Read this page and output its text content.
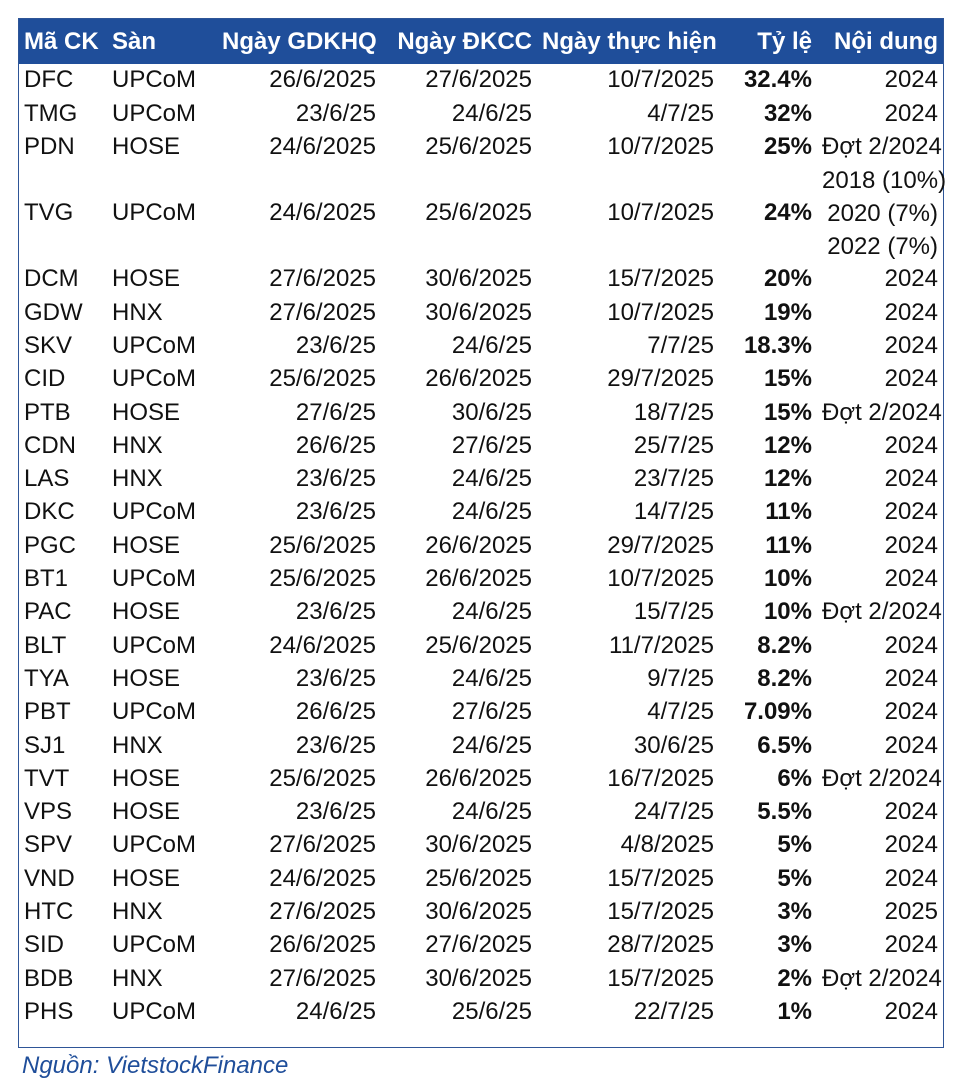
Mã CK	Sàn	Ngày GDKHQ	Ngày ĐKCC	Ngày thực hiện	Tỷ lệ	Nội dung
DFC	UPCoM	26/6/2025	27/6/2025	10/7/2025	32.4%	2024
TMG	UPCoM	23/6/25	24/6/25	4/7/25	32%	2024
PDN	HOSE	24/6/2025	25/6/2025	10/7/2025	25%	Đợt 2/2024
TVG	UPCoM	24/6/2025	25/6/2025	10/7/2025	24%	2018 (10%)
2020 (7%)
2022 (7%)

DCM	HOSE	27/6/2025	30/6/2025	15/7/2025	20%	2024
GDW	HNX	27/6/2025	30/6/2025	10/7/2025	19%	2024
SKV	UPCoM	23/6/25	24/6/25	7/7/25	18.3%	2024
CID	UPCoM	25/6/2025	26/6/2025	29/7/2025	15%	2024
PTB	HOSE	27/6/25	30/6/25	18/7/25	15%	Đợt 2/2024
CDN	HNX	26/6/25	27/6/25	25/7/25	12%	2024
LAS	HNX	23/6/25	24/6/25	23/7/25	12%	2024
DKC	UPCoM	23/6/25	24/6/25	14/7/25	11%	2024
PGC	HOSE	25/6/2025	26/6/2025	29/7/2025	11%	2024
BT1	UPCoM	25/6/2025	26/6/2025	10/7/2025	10%	2024
PAC	HOSE	23/6/25	24/6/25	15/7/25	10%	Đợt 2/2024
BLT	UPCoM	24/6/2025	25/6/2025	11/7/2025	8.2%	2024
TYA	HOSE	23/6/25	24/6/25	9/7/25	8.2%	2024
PBT	UPCoM	26/6/25	27/6/25	4/7/25	7.09%	2024
SJ1	HNX	23/6/25	24/6/25	30/6/25	6.5%	2024
TVT	HOSE	25/6/2025	26/6/2025	16/7/2025	6%	Đợt 2/2024
VPS	HOSE	23/6/25	24/6/25	24/7/25	5.5%	2024
SPV	UPCoM	27/6/2025	30/6/2025	4/8/2025	5%	2024
VND	HOSE	24/6/2025	25/6/2025	15/7/2025	5%	2024
HTC	HNX	27/6/2025	30/6/2025	15/7/2025	3%	2025
SID	UPCoM	26/6/2025	27/6/2025	28/7/2025	3%	2024
BDB	HNX	27/6/2025	30/6/2025	15/7/2025	2%	Đợt 2/2024
PHS	UPCoM	24/6/25	25/6/25	22/7/25	1%	2024
Nguồn: VietstockFinance
